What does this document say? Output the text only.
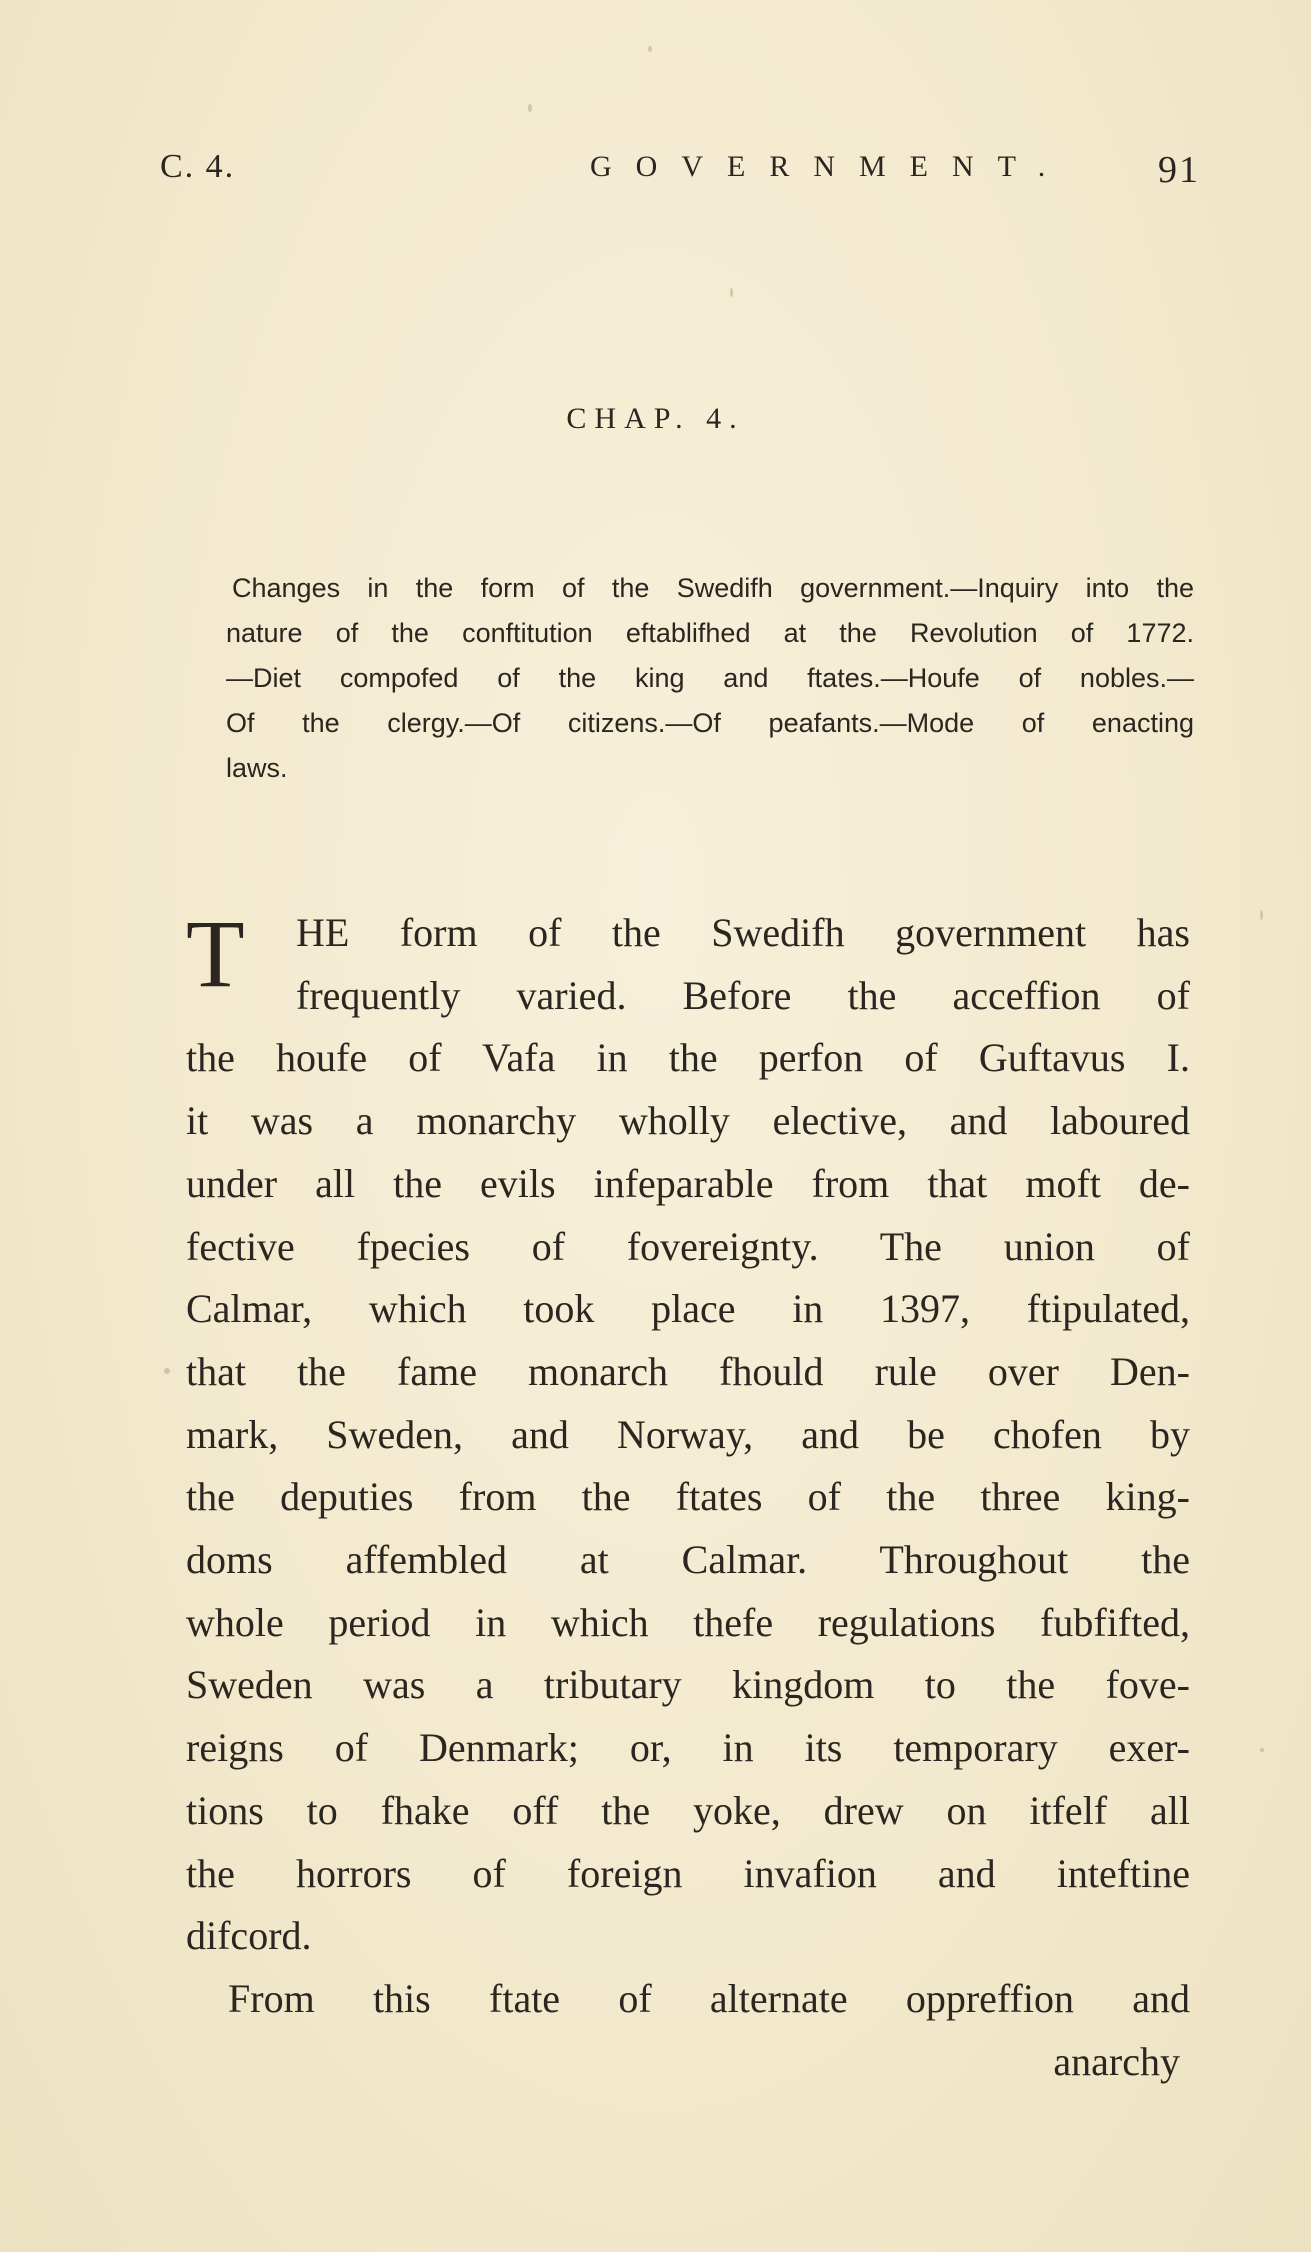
C. 4.	GOVERNMENT. 91
CHAP. 4.
Changes in the form of the Swedifh government.—Inquiry into the
nature of the conftitution eftablifhed at the Revolution of 1772.
—Diet compofed of the king and ftates.—Houfe of nobles.—
Of the clergy.—Of citizens.—Of peafants.—Mode of enacting
laws.
T	HE form of the Swedifh government has
frequently varied. Before the acceffion of
the houfe of Vafa in the perfon of Guftavus I.
it was a monarchy wholly elective, and laboured
under all the evils infeparable from that moft de-
fective fpecies of fovereignty. The union of
Calmar, which took place in 1397, ftipulated,
that the fame monarch fhould rule over Den-
mark, Sweden, and Norway, and be chofen by
the deputies from the ftates of the three king-
doms affembled at Calmar. Throughout the
whole period in which thefe regulations fubfifted,
Sweden was a tributary kingdom to the fove-
reigns of Denmark; or, in its temporary exer-
tions to fhake off the yoke, drew on itfelf all
the horrors of foreign invafion and inteftine
difcord.
From this ftate of alternate oppreffion and
anarchy
